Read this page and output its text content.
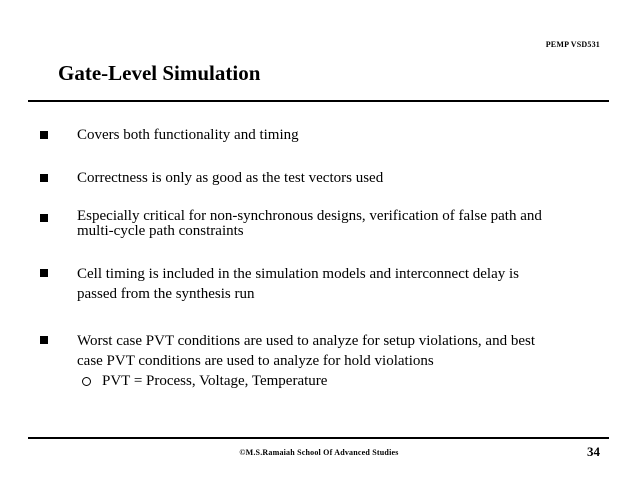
PEMP VSD531
Gate-Level Simulation
Covers both functionality and timing
Correctness is only as good as the test vectors used
Especially critical for non-synchronous designs, verification of false path and
multi-cycle path constraints
Cell timing is included in the simulation models and interconnect delay is
passed from the synthesis run
Worst case PVT conditions are used to analyze for setup violations, and best
case PVT conditions are used to analyze for hold violations
PVT = Process, Voltage, Temperature
©M.S.Ramaiah School Of Advanced Studies	34
